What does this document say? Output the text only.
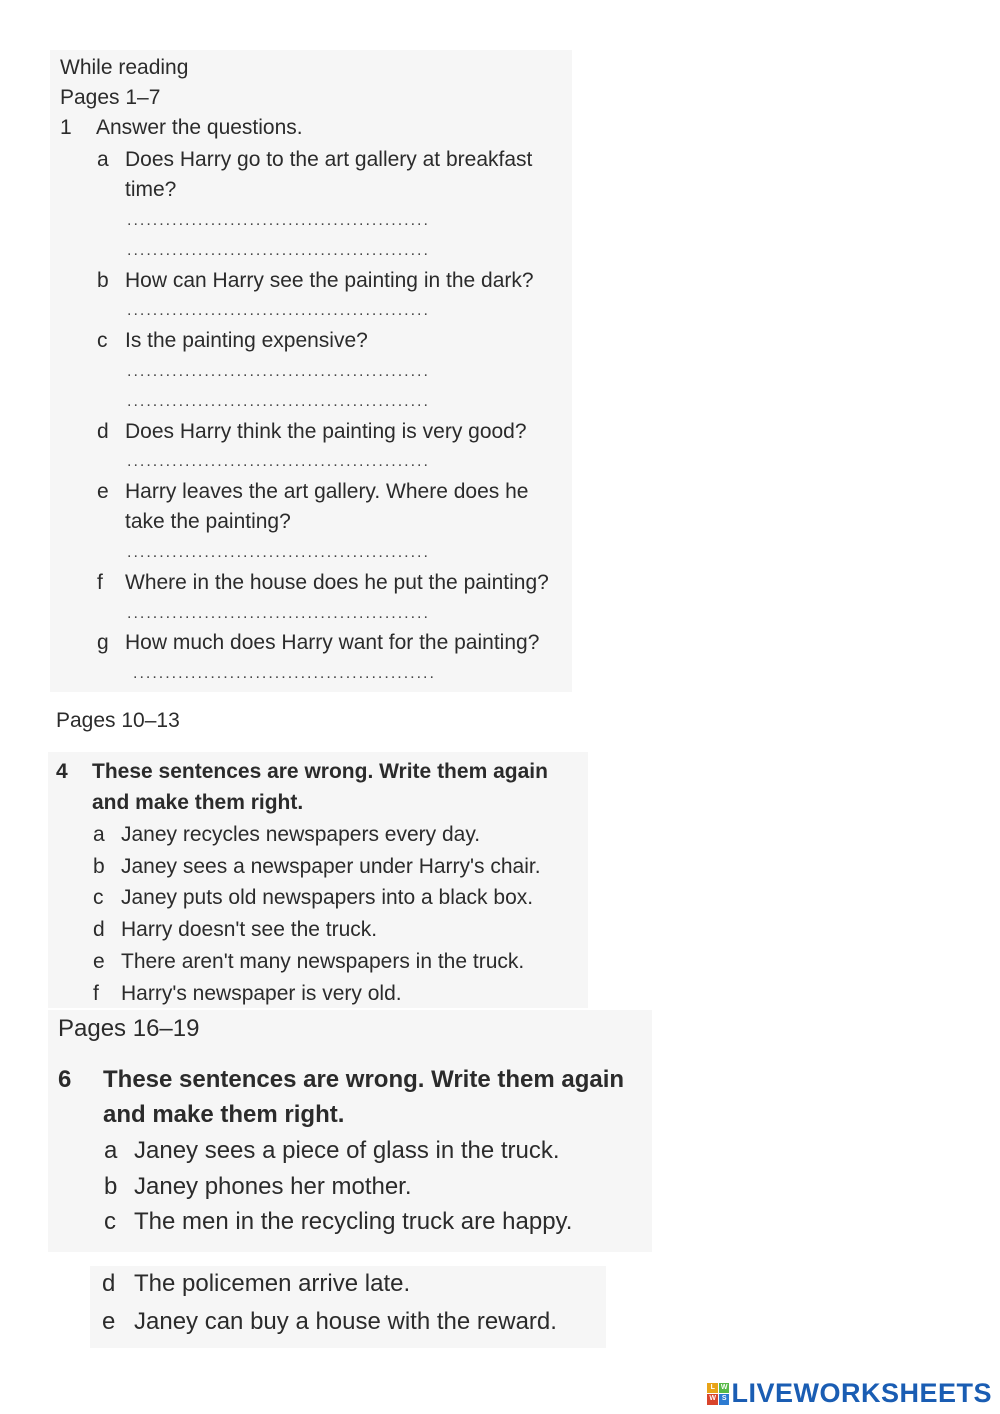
While reading
Pages 1–7
1 Answer the questions.
a Does Harry go to the art gallery at breakfast
time?
...............................................
...............................................
b How can Harry see the painting in the dark?
...............................................
c Is the painting expensive?
...............................................
...............................................
d Does Harry think the painting is very good?
...............................................
e Harry leaves the art gallery. Where does he
take the painting?
...............................................
f Where in the house does he put the painting?
...............................................
g How much does Harry want for the painting?
...............................................
Pages 10–13
4 These sentences are wrong. Write them again
and make them right.
a Janey recycles newspapers every day.
b Janey sees a newspaper under Harry's chair.
c Janey puts old newspapers into a black box.
d Harry doesn't see the truck.
e There aren't many newspapers in the truck.
f Harry's newspaper is very old.
Pages 16–19
6 These sentences are wrong. Write them again
and make them right.
a Janey sees a piece of glass in the truck.
b Janey phones her mother.
c The men in the recycling truck are happy.
d The policemen arrive late.
e Janey can buy a house with the reward.
L W
W S LIVEWORKSHEETS
